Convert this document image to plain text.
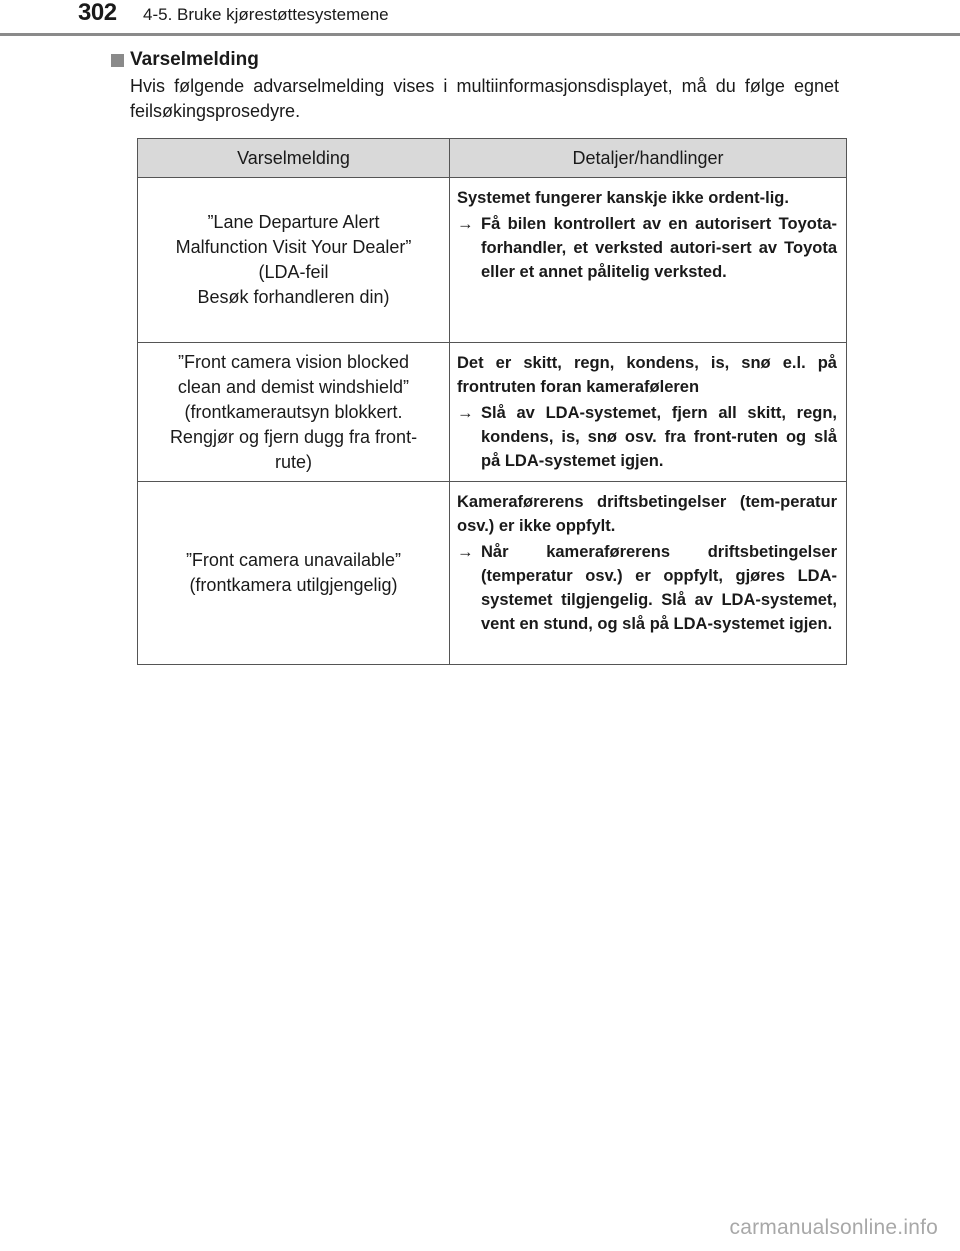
302 4-5. Bruke kjørestøttesystemene
Varselmelding

Hvis følgende advarselmelding vises i multiinformasjonsdisplayet, må du følge egnet feilsøkingsprosedyre.

Varselmelding	Detaljer/handlinger

”Lane Departure Alert
Malfunction Visit Your Dealer”
(LDA-feil
Besøk forhandleren din)	Systemet fungerer kanskje ikke ordent-lig.
→ Få bilen kontrollert av en autorisert Toyota-forhandler, et verksted autori-sert av Toyota eller et annet pålitelig verksted.

”Front camera vision blocked
clean and demist windshield”
(frontkamerautsyn blokkert.
Rengjør og fjern dugg fra front-
rute)	Det er skitt, regn, kondens, is, snø e.l. på frontruten foran kameraføleren
→ Slå av LDA-systemet, fjern all skitt, regn, kondens, is, snø osv. fra front-ruten og slå på LDA-systemet igjen.

”Front camera unavailable”
(frontkamera utilgjengelig)	Kameraførerens driftsbetingelser (tem-peratur osv.) er ikke oppfylt.
→ Når kameraførerens driftsbetingelser (temperatur osv.) er oppfylt, gjøres LDA-systemet tilgjengelig. Slå av LDA-systemet, vent en stund, og slå på LDA-systemet igjen.
carmanualsonline.info
